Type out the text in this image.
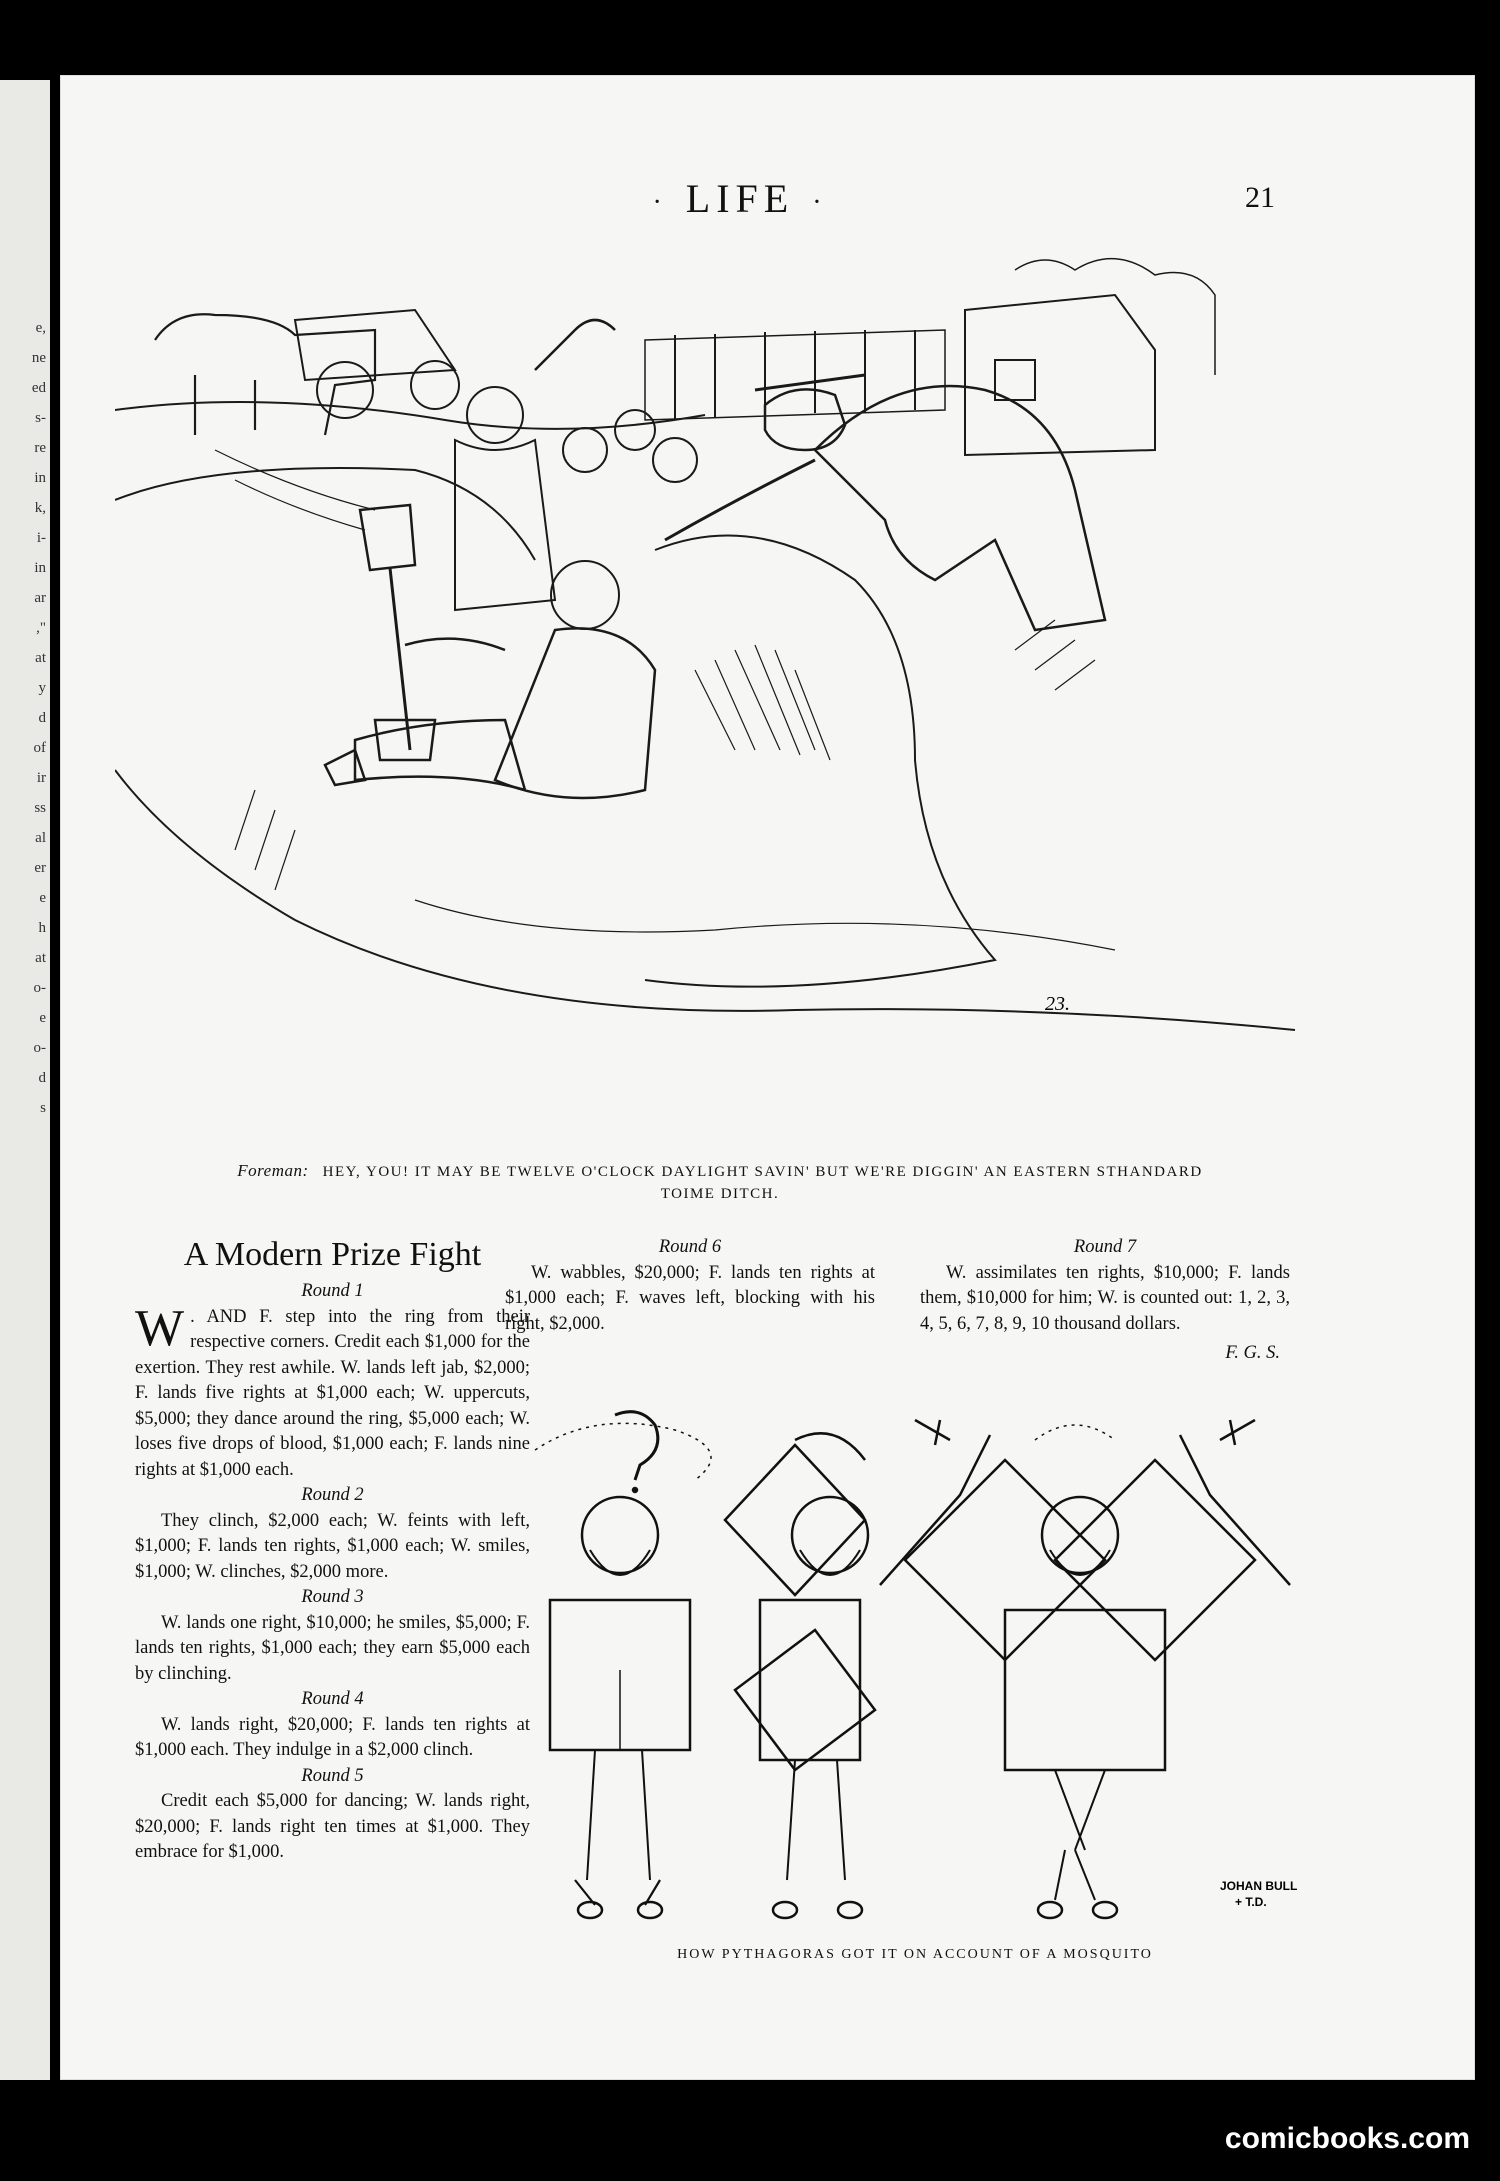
e,
ne
ed
s-
re
in
k,
i-
in
ar
,"
at
y
d
of
ir
ss
al
er
e
h
at
o-
e
o-
d
s
· LIFE ·	21
23.
Foreman: HEY, YOU! IT MAY BE TWELVE O'CLOCK DAYLIGHT SAVIN' BUT WE'RE DIGGIN' AN EASTERN STHANDARD TOIME DITCH.
A Modern Prize Fight
Round 1

W . AND F. step into the ring from their respective corners. Credit each $1,000 for the exertion. They rest awhile. W. lands left jab, $2,000; F. lands five rights at $1,000 each; W. uppercuts, $5,000; they dance around the ring, $5,000 each; W. loses five drops of blood, $1,000 each; F. lands nine rights at $1,000 each.

Round 2

They clinch, $2,000 each; W. feints with left, $1,000; F. lands ten rights, $1,000 each; W. smiles, $1,000; W. clinches, $2,000 more.

Round 3

W. lands one right, $10,000; he smiles, $5,000; F. lands ten rights, $1,000 each; they earn $5,000 each by clinching.

Round 4

W. lands right, $20,000; F. lands ten rights at $1,000 each. They indulge in a $2,000 clinch.

Round 5

Credit each $5,000 for dancing; W. lands right, $20,000; F. lands right ten times at $1,000. They embrace for $1,000.

Round 6

W. wabbles, $20,000; F. lands ten rights at $1,000 each; F. waves left, blocking with his right, $2,000.

Round 7

W. assimilates ten rights, $10,000; F. lands them, $10,000 for him; W. is counted out: 1, 2, 3, 4, 5, 6, 7, 8, 9, 10 thousand dollars.

F. G. S.
JOHAN BULL
+ T.D.
HOW PYTHAGORAS GOT IT ON ACCOUNT OF A MOSQUITO
comicbooks.com
